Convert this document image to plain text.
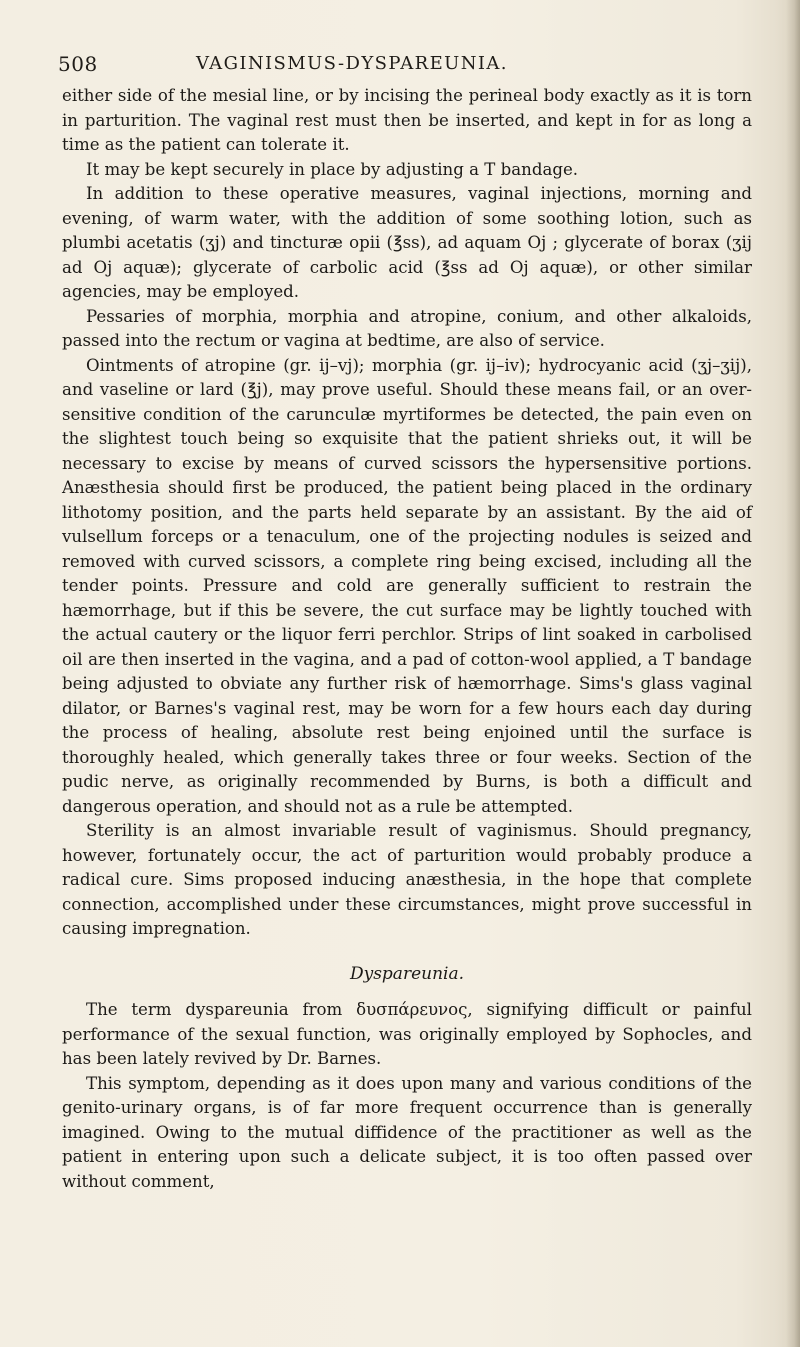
508	VAGINISMUS-DYSPAREUNIA.

either side of the mesial line, or by incising the perineal body exactly as it is torn in parturition. The vaginal rest must then be inserted, and kept in for as long a time as the patient can tolerate it.

It may be kept securely in place by adjusting a T bandage.

In addition to these operative measures, vaginal injections, morning and evening, of warm water, with the addition of some soothing lotion, such as plumbi acetatis (ʒj) and tincturæ opii (℥ss), ad aquam Oj ; glycerate of borax (ʒij ad Oj aquæ); glycerate of carbolic acid (℥ss ad Oj aquæ), or other similar agencies, may be employed.

Pessaries of morphia, morphia and atropine, conium, and other alkaloids, passed into the rectum or vagina at bedtime, are also of service.

Ointments of atropine (gr. ij–vj); morphia (gr. ij–iv); hydrocyanic acid (ʒj–ʒij), and vaseline or lard (℥j), may prove useful. Should these means fail, or an over-sensitive condition of the carunculæ myrtiformes be detected, the pain even on the slightest touch being so exquisite that the patient shrieks out, it will be necessary to excise by means of curved scissors the hypersensitive portions. Anæsthesia should first be produced, the patient being placed in the ordinary lithotomy position, and the parts held separate by an assistant. By the aid of vulsellum forceps or a tenaculum, one of the projecting nodules is seized and removed with curved scissors, a complete ring being excised, including all the tender points. Pressure and cold are generally sufficient to restrain the hæmorrhage, but if this be severe, the cut surface may be lightly touched with the actual cautery or the liquor ferri perchlor. Strips of lint soaked in carbolised oil are then inserted in the vagina, and a pad of cotton-wool applied, a T bandage being adjusted to obviate any further risk of hæmorrhage. Sims's glass vaginal dilator, or Barnes's vaginal rest, may be worn for a few hours each day during the process of healing, absolute rest being enjoined until the surface is thoroughly healed, which generally takes three or four weeks. Section of the pudic nerve, as originally recommended by Burns, is both a difficult and dangerous operation, and should not as a rule be attempted.

Sterility is an almost invariable result of vaginismus. Should pregnancy, however, fortunately occur, the act of parturition would probably produce a radical cure. Sims proposed inducing anæsthesia, in the hope that complete connection, accomplished under these circumstances, might prove successful in causing impregnation.

Dyspareunia.

The term dyspareunia from δυσπάρευνος, signifying difficult or painful performance of the sexual function, was originally employed by Sophocles, and has been lately revived by Dr. Barnes.

This symptom, depending as it does upon many and various conditions of the genito-urinary organs, is of far more frequent occurrence than is generally imagined. Owing to the mutual diffidence of the practitioner as well as the patient in entering upon such a delicate subject, it is too often passed over without comment,
